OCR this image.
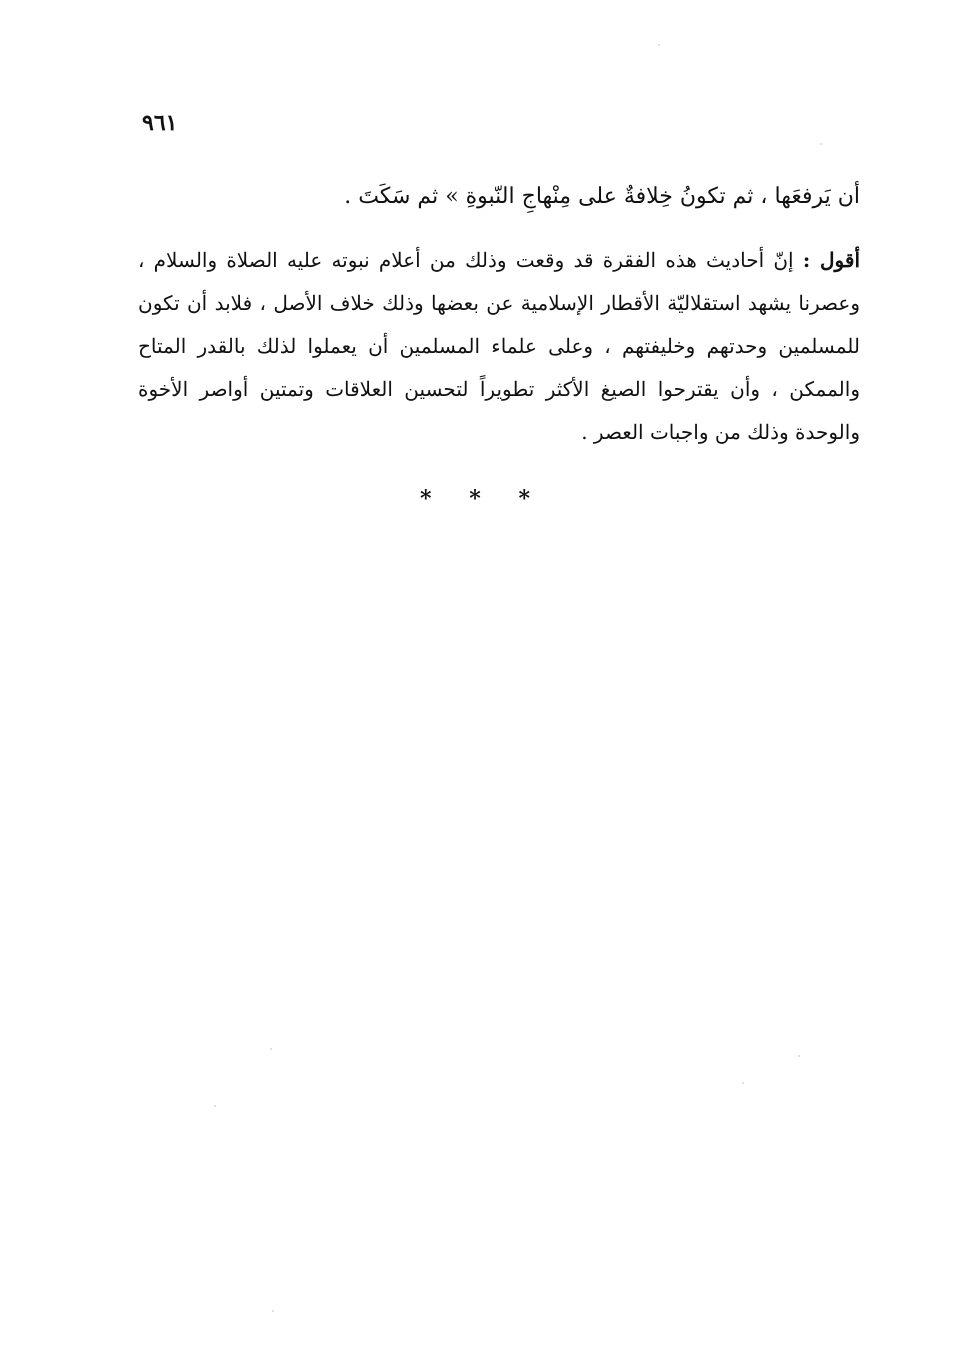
٩٦١
أن يَرفعَها ، ثم تكونُ خِلافةٌ على مِنْهاجِ النّبوةِ » ثم سَكَتَ .
أقول : إنّ أحاديث هذه الفقرة قد وقعت وذلك من أعلام نبوته عليه الصلاة والسلام ، وعصرنا يشهد استقلاليّة الأقطار الإسلامية عن بعضها وذلك خلاف الأصل ، فلابد أن تكون للمسلمين وحدتهم وخليفتهم ، وعلى علماء المسلمين أن يعملوا لذلك بالقدر المتاح والممكن ، وأن يقترحوا الصيغ الأكثر تطويراً لتحسين العلاقات وتمتين أواصر الأخوة والوحدة وذلك من واجبات العصر .
* * *
